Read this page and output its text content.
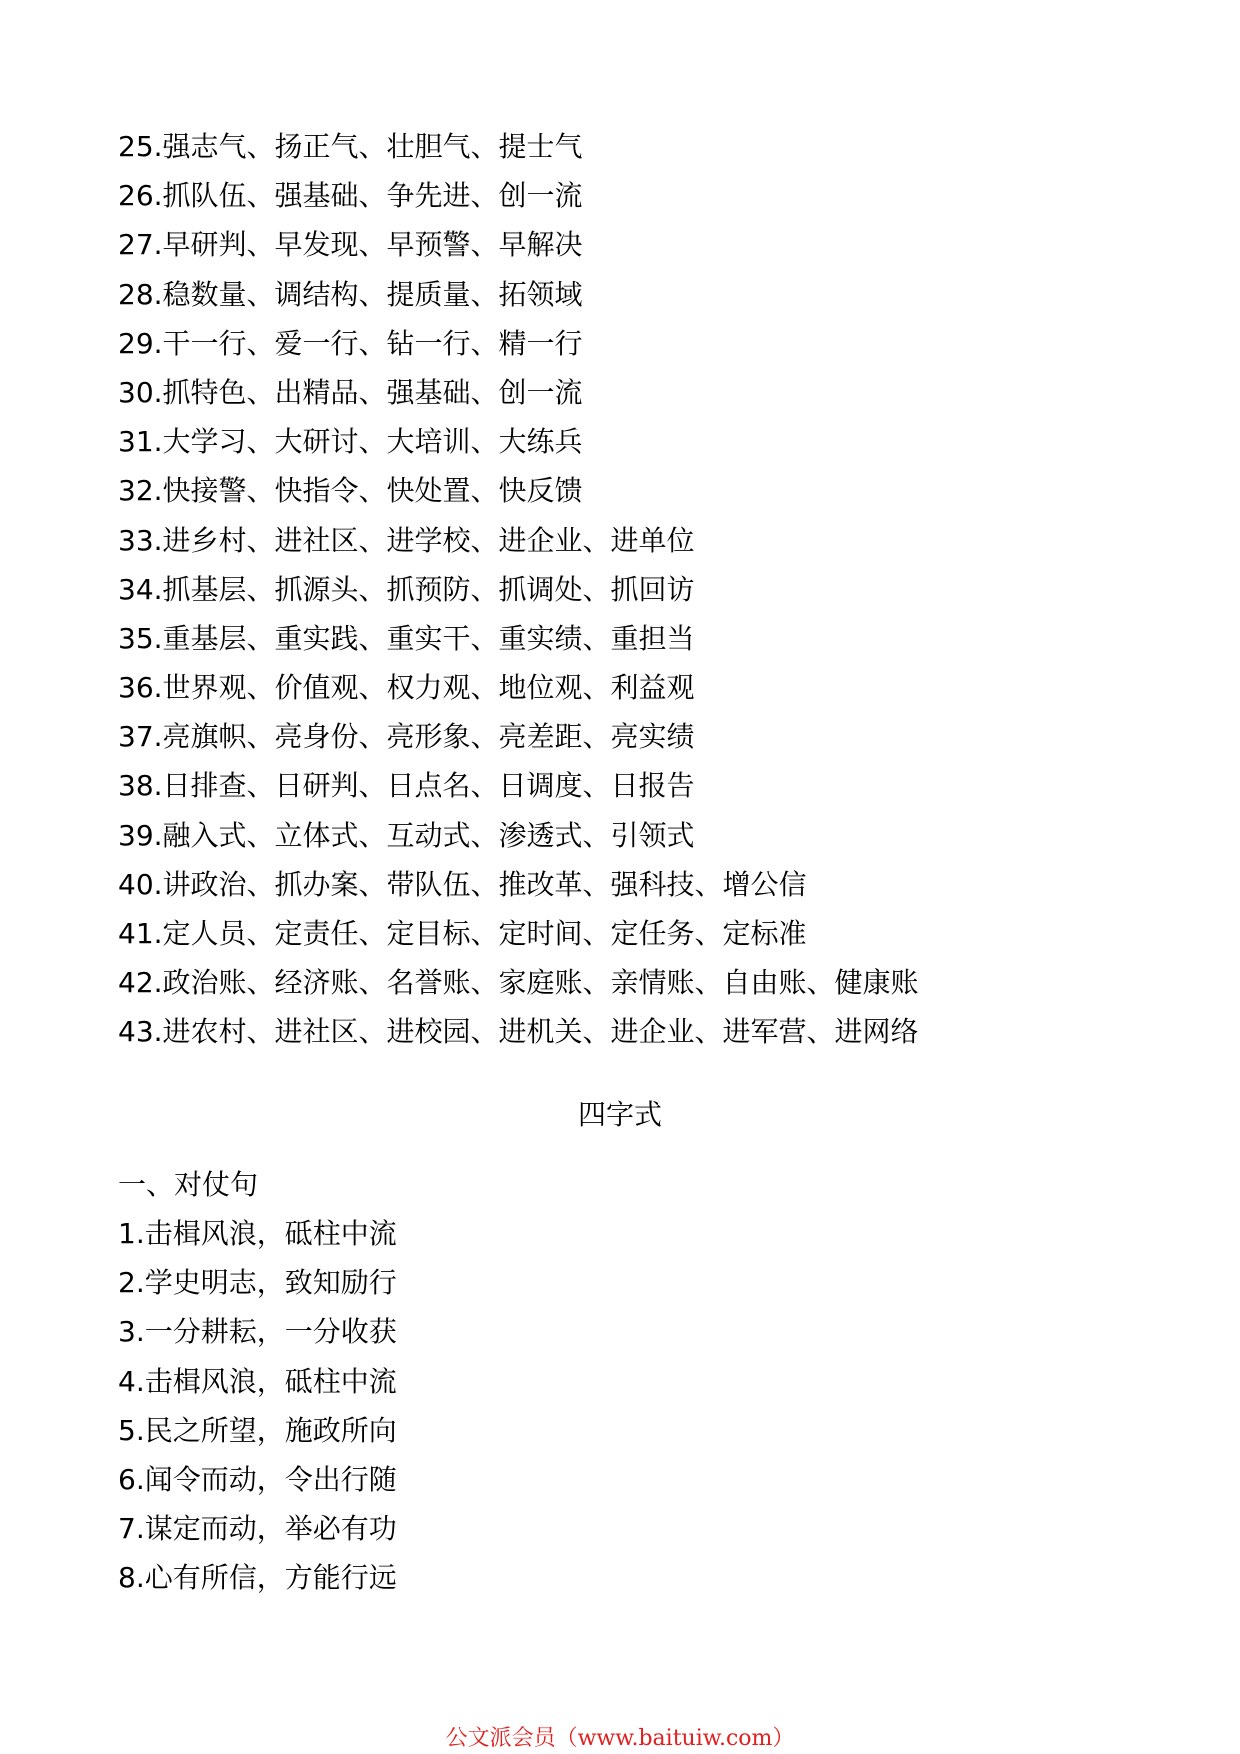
25.强志气、扬正气、壮胆气、提士气
26.抓队伍、强基础、争先进、创一流
27.早研判、早发现、早预警、早解决
28.稳数量、调结构、提质量、拓领域
29.干一行、爱一行、钻一行、精一行
30.抓特色、出精品、强基础、创一流
31.大学习、大研讨、大培训、大练兵
32.快接警、快指令、快处置、快反馈
33.进乡村、进社区、进学校、进企业、进单位
34.抓基层、抓源头、抓预防、抓调处、抓回访
35.重基层、重实践、重实干、重实绩、重担当
36.世界观、价值观、权力观、地位观、利益观
37.亮旗帜、亮身份、亮形象、亮差距、亮实绩
38.日排查、日研判、日点名、日调度、日报告
39.融入式、立体式、互动式、渗透式、引领式
40.讲政治、抓办案、带队伍、推改革、强科技、增公信
41.定人员、定责任、定目标、定时间、定任务、定标准
42.政治账、经济账、名誉账、家庭账、亲情账、自由账、健康账
43.进农村、进社区、进校园、进机关、进企业、进军营、进网络
四字式
一、对仗句
1.击楫风浪，砥柱中流
2.学史明志，致知励行
3.一分耕耘，一分收获
4.击楫风浪，砥柱中流
5.民之所望，施政所向
6.闻令而动，令出行随
7.谋定而动，举必有功
8.心有所信，方能行远
公文派会员（www.baituiw.com）
